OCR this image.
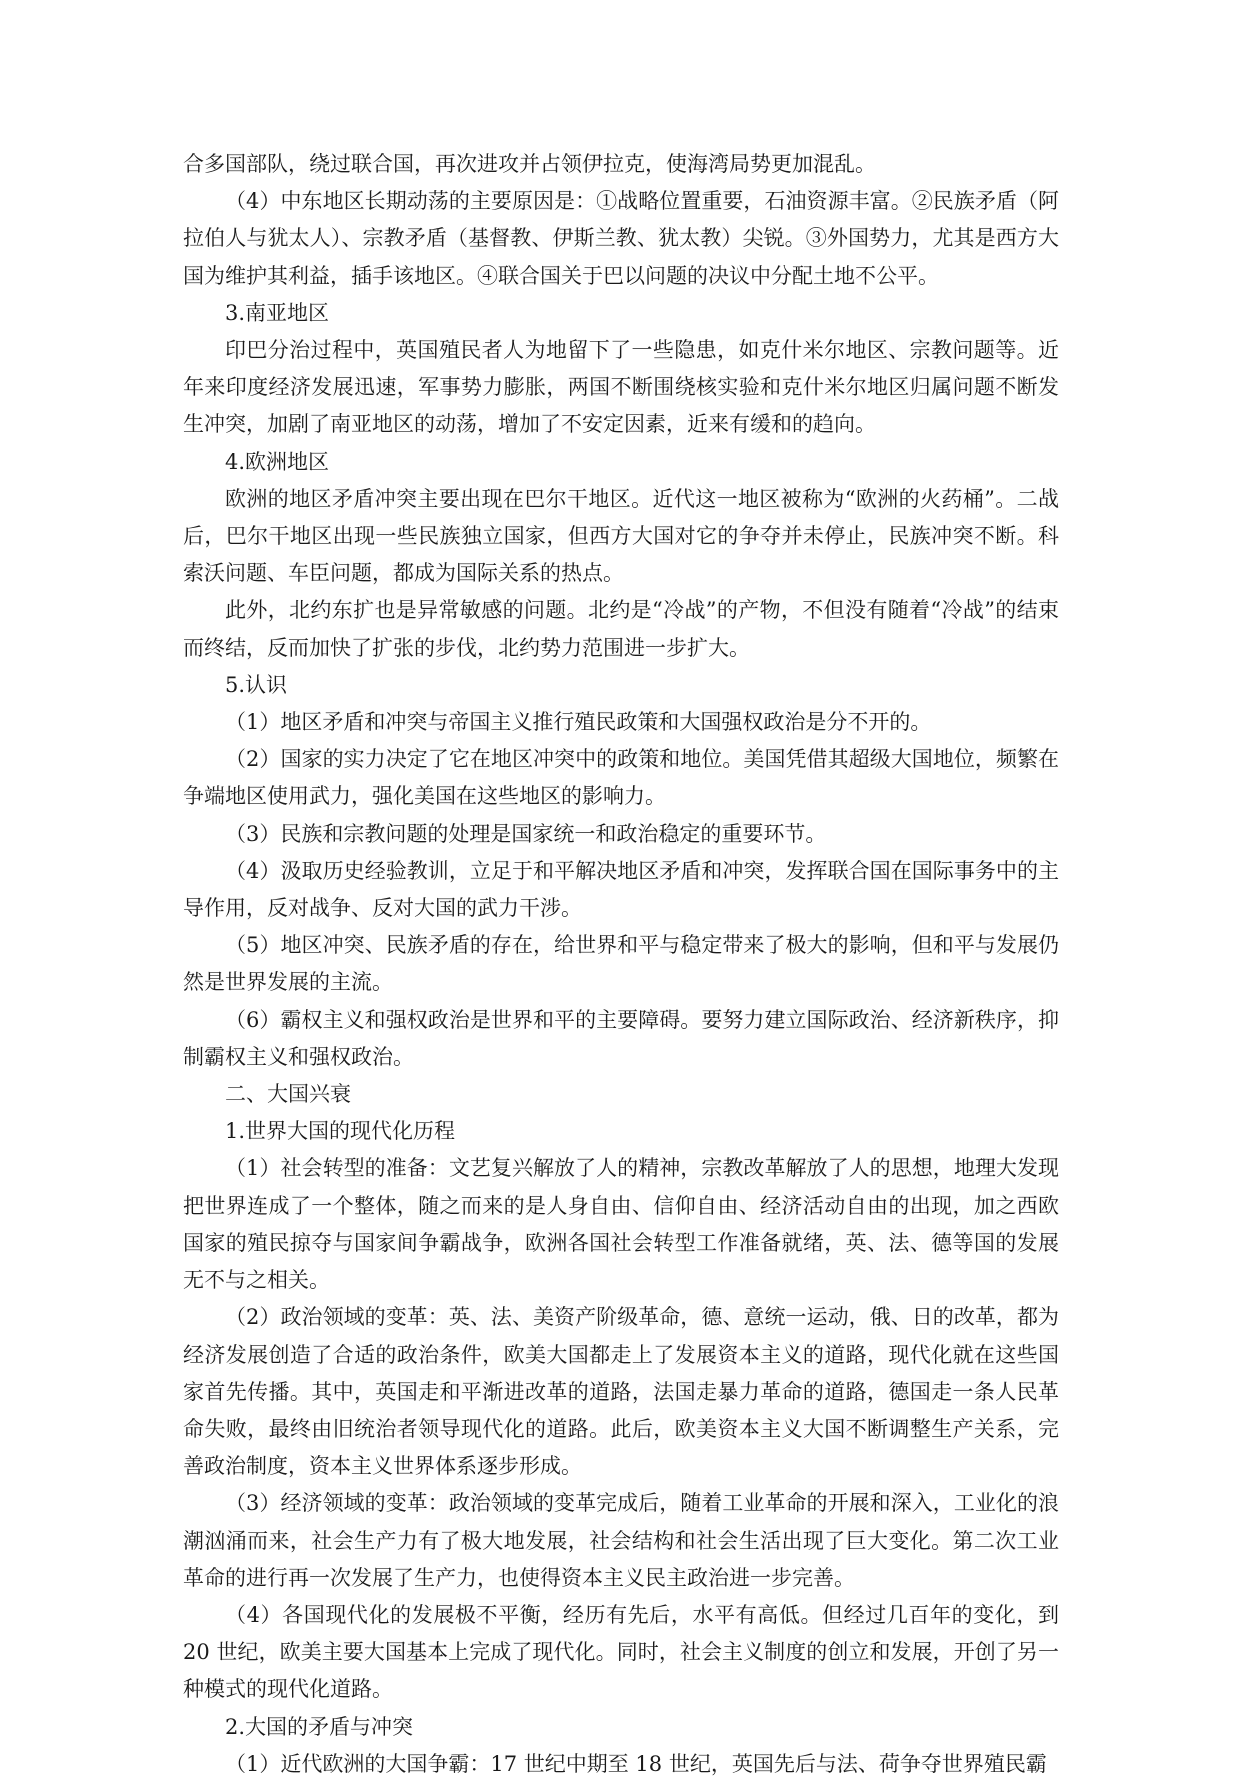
合多国部队，绕过联合国，再次进攻并占领伊拉克，使海湾局势更加混乱。

（4）中东地区长期动荡的主要原因是：①战略位置重要，石油资源丰富。②民族矛盾（阿拉伯人与犹太人）、宗教矛盾（基督教、伊斯兰教、犹太教）尖锐。③外国势力，尤其是西方大国为维护其利益，插手该地区。④联合国关于巴以问题的决议中分配土地不公平。

3.南亚地区

印巴分治过程中，英国殖民者人为地留下了一些隐患，如克什米尔地区、宗教问题等。近年来印度经济发展迅速，军事势力膨胀，两国不断围绕核实验和克什米尔地区归属问题不断发生冲突，加剧了南亚地区的动荡，增加了不安定因素，近来有缓和的趋向。

4.欧洲地区

欧洲的地区矛盾冲突主要出现在巴尔干地区。近代这一地区被称为“欧洲的火药桶”。二战后，巴尔干地区出现一些民族独立国家，但西方大国对它的争夺并未停止，民族冲突不断。科索沃问题、车臣问题，都成为国际关系的热点。

此外，北约东扩也是异常敏感的问题。北约是“冷战”的产物，不但没有随着“冷战”的结束而终结，反而加快了扩张的步伐，北约势力范围进一步扩大。

5.认识

（1）地区矛盾和冲突与帝国主义推行殖民政策和大国强权政治是分不开的。

（2）国家的实力决定了它在地区冲突中的政策和地位。美国凭借其超级大国地位，频繁在争端地区使用武力，强化美国在这些地区的影响力。

（3）民族和宗教问题的处理是国家统一和政治稳定的重要环节。

（4）汲取历史经验教训，立足于和平解决地区矛盾和冲突，发挥联合国在国际事务中的主导作用，反对战争、反对大国的武力干涉。

（5）地区冲突、民族矛盾的存在，给世界和平与稳定带来了极大的影响，但和平与发展仍然是世界发展的主流。

（6）霸权主义和强权政治是世界和平的主要障碍。要努力建立国际政治、经济新秩序，抑制霸权主义和强权政治。

二、大国兴衰

1.世界大国的现代化历程

（1）社会转型的准备：文艺复兴解放了人的精神，宗教改革解放了人的思想，地理大发现把世界连成了一个整体，随之而来的是人身自由、信仰自由、经济活动自由的出现，加之西欧国家的殖民掠夺与国家间争霸战争，欧洲各国社会转型工作准备就绪，英、法、德等国的发展无不与之相关。

（2）政治领域的变革：英、法、美资产阶级革命，德、意统一运动，俄、日的改革，都为经济发展创造了合适的政治条件，欧美大国都走上了发展资本主义的道路，现代化就在这些国家首先传播。其中，英国走和平渐进改革的道路，法国走暴力革命的道路，德国走一条人民革命失败，最终由旧统治者领导现代化的道路。此后，欧美资本主义大国不断调整生产关系，完善政治制度，资本主义世界体系逐步形成。

（3）经济领域的变革：政治领域的变革完成后，随着工业革命的开展和深入，工业化的浪潮汹涌而来，社会生产力有了极大地发展，社会结构和社会生活出现了巨大变化。第二次工业革命的进行再一次发展了生产力，也使得资本主义民主政治进一步完善。

（4）各国现代化的发展极不平衡，经历有先后，水平有高低。但经过几百年的变化，到 20 世纪，欧美主要大国基本上完成了现代化。同时，社会主义制度的创立和发展，开创了另一种模式的现代化道路。

2.大国的矛盾与冲突

（1）近代欧洲的大国争霸：17 世纪中期至 18 世纪，英国先后与法、荷争夺世界殖民霸
